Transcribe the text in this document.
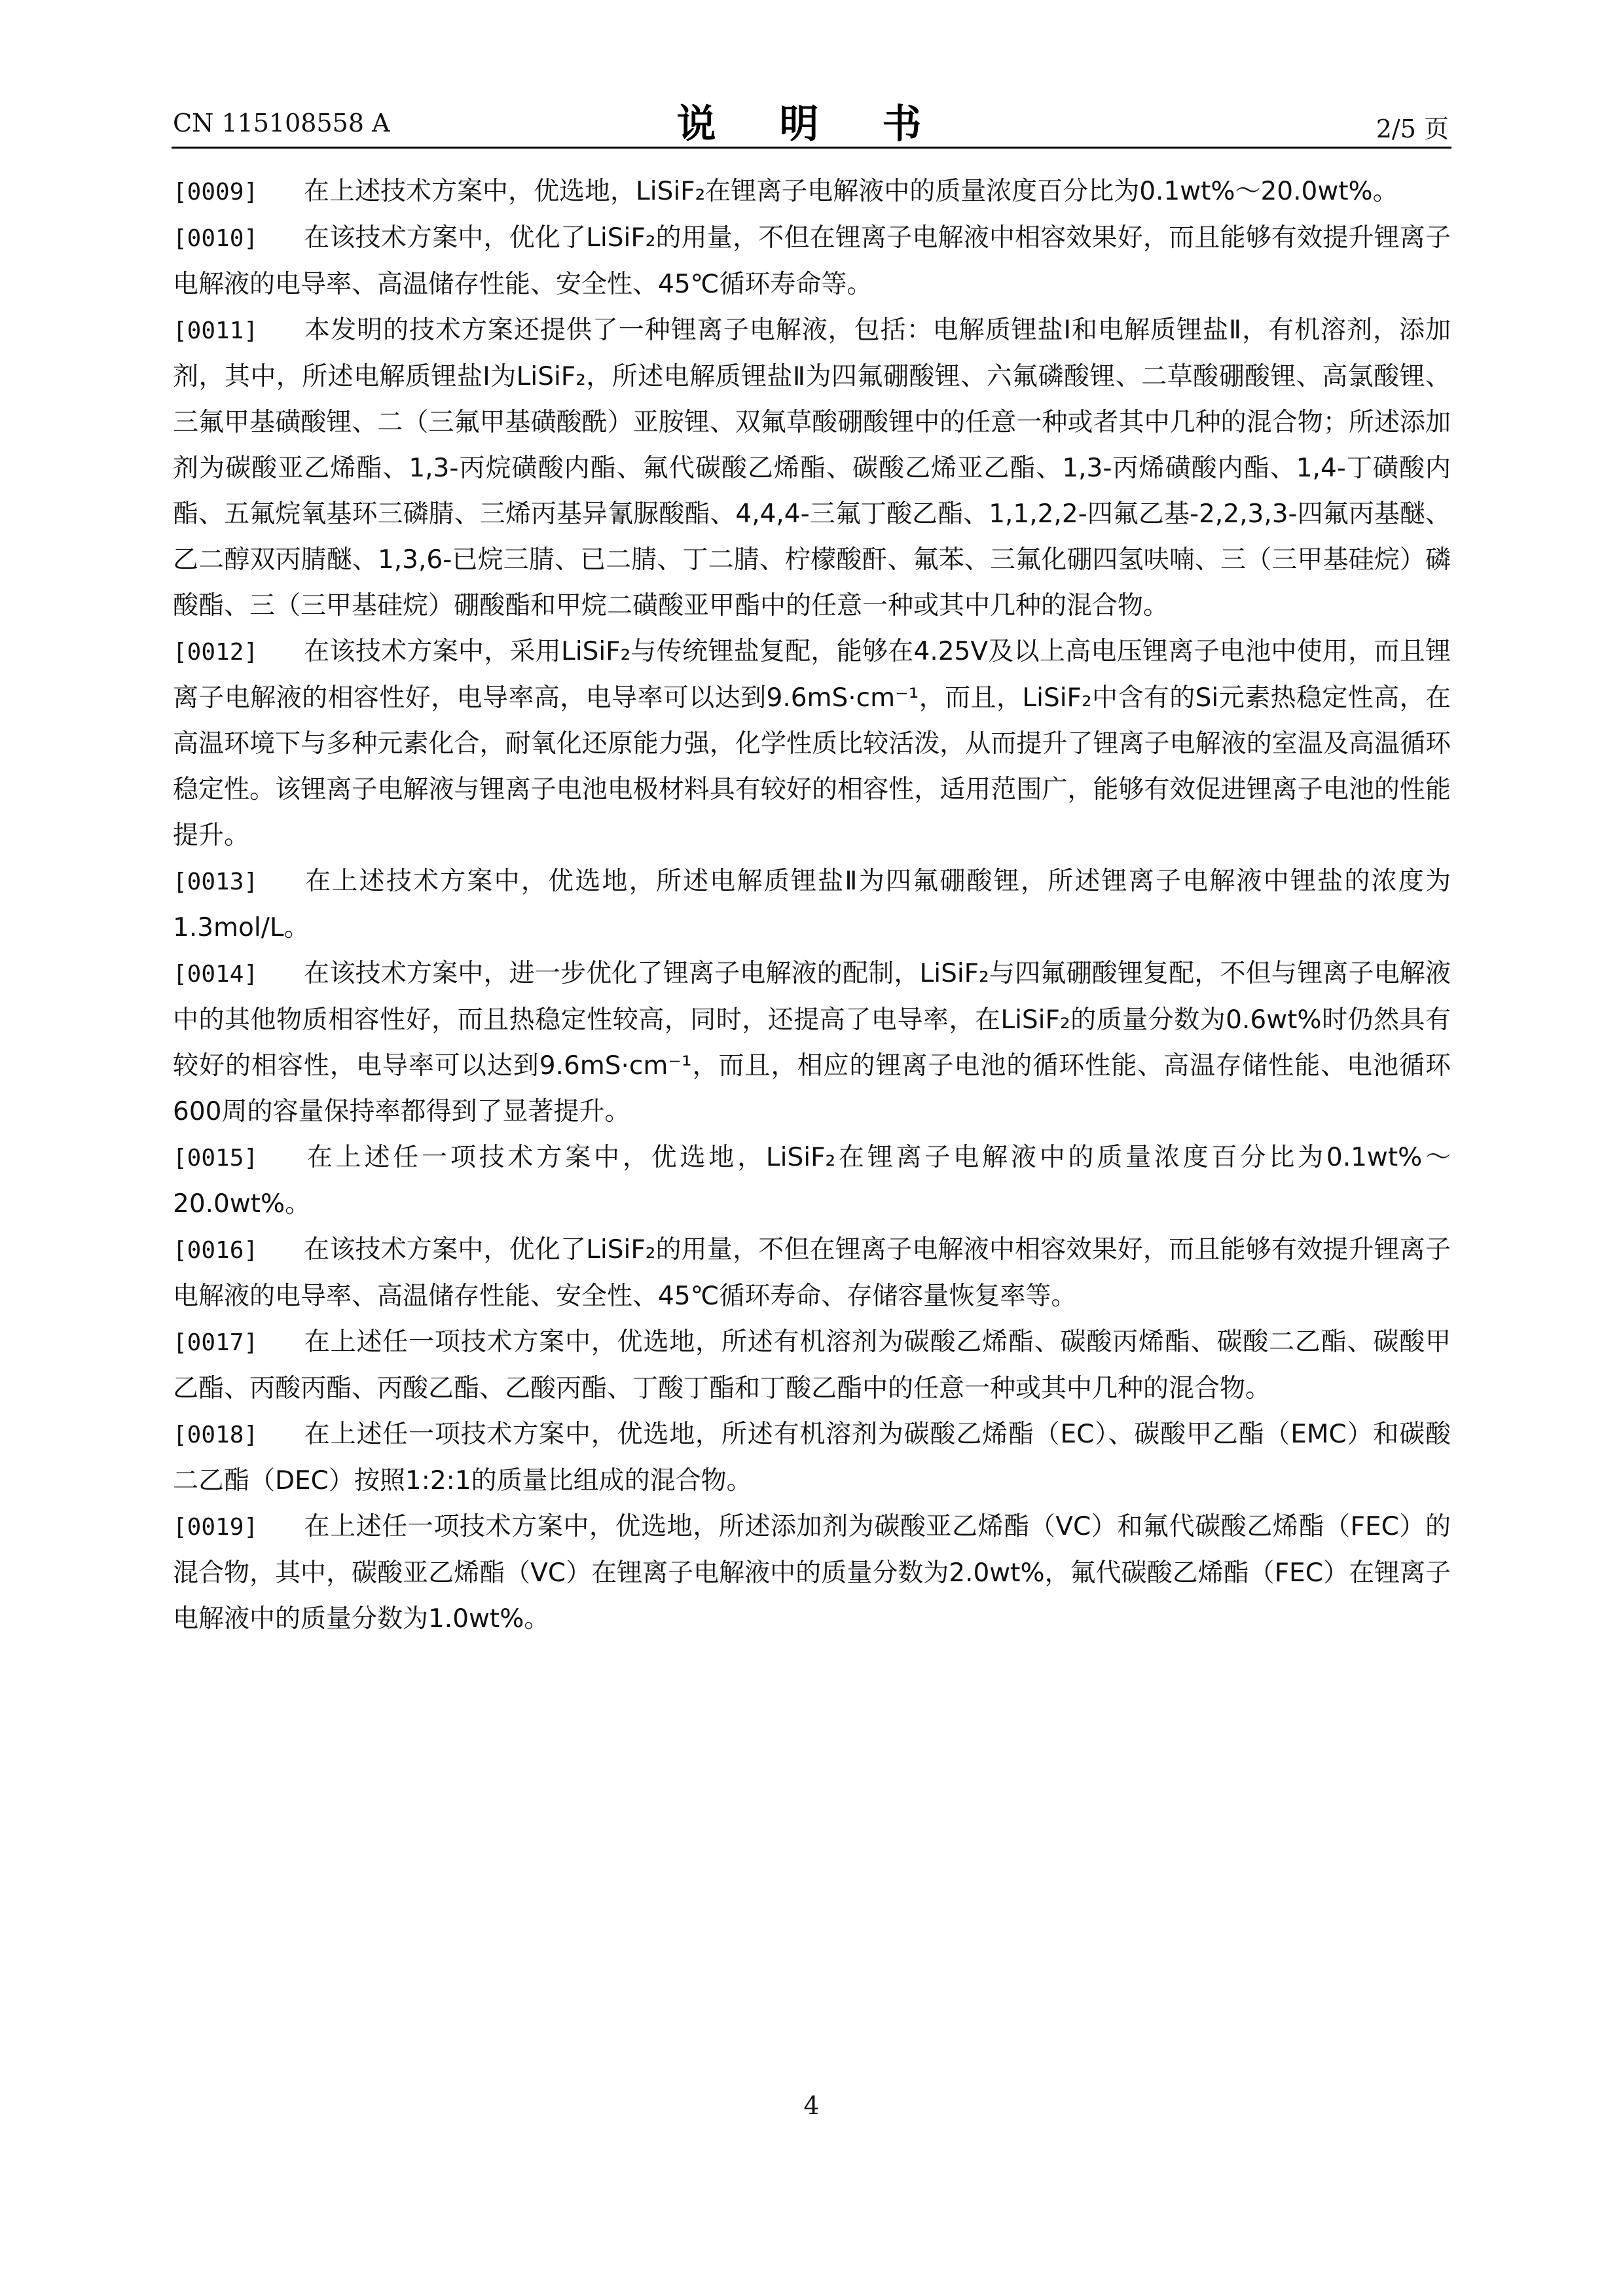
CN 115108558 A	说 明 书	2/5 页

[0009] 在上述技术方案中，优选地，LiSiF₂在锂离子电解液中的质量浓度百分比为0.1wt%～20.0wt%。

[0010] 在该技术方案中，优化了LiSiF₂的用量，不但在锂离子电解液中相容效果好，而且能够有效提升锂离子电解液的电导率、高温储存性能、安全性、45℃循环寿命等。

[0011] 本发明的技术方案还提供了一种锂离子电解液，包括：电解质锂盐I和电解质锂盐Ⅱ，有机溶剂，添加剂，其中，所述电解质锂盐I为LiSiF₂，所述电解质锂盐Ⅱ为四氟硼酸锂、六氟磷酸锂、二草酸硼酸锂、高氯酸锂、三氟甲基磺酸锂、二（三氟甲基磺酸酰）亚胺锂、双氟草酸硼酸锂中的任意一种或者其中几种的混合物；所述添加剂为碳酸亚乙烯酯、1,3-丙烷磺酸内酯、氟代碳酸乙烯酯、碳酸乙烯亚乙酯、1,3-丙烯磺酸内酯、1,4-丁磺酸内酯、五氟烷氧基环三磷腈、三烯丙基异氰脲酸酯、4,4,4-三氟丁酸乙酯、1,1,2,2-四氟乙基-2,2,3,3-四氟丙基醚、乙二醇双丙腈醚、1,3,6-已烷三腈、已二腈、丁二腈、柠檬酸酐、氟苯、三氟化硼四氢呋喃、三（三甲基硅烷）磷酸酯、三（三甲基硅烷）硼酸酯和甲烷二磺酸亚甲酯中的任意一种或其中几种的混合物。

[0012] 在该技术方案中，采用LiSiF₂与传统锂盐复配，能够在4.25V及以上高电压锂离子电池中使用，而且锂离子电解液的相容性好，电导率高，电导率可以达到9.6mS·cm⁻¹，而且，LiSiF₂中含有的Si元素热稳定性高，在高温环境下与多种元素化合，耐氧化还原能力强，化学性质比较活泼，从而提升了锂离子电解液的室温及高温循环稳定性。该锂离子电解液与锂离子电池电极材料具有较好的相容性，适用范围广，能够有效促进锂离子电池的性能提升。

[0013] 在上述技术方案中，优选地，所述电解质锂盐Ⅱ为四氟硼酸锂，所述锂离子电解液中锂盐的浓度为1.3mol/L。

[0014] 在该技术方案中，进一步优化了锂离子电解液的配制，LiSiF₂与四氟硼酸锂复配，不但与锂离子电解液中的其他物质相容性好，而且热稳定性较高，同时，还提高了电导率，在LiSiF₂的质量分数为0.6wt%时仍然具有较好的相容性，电导率可以达到9.6mS·cm⁻¹，而且，相应的锂离子电池的循环性能、高温存储性能、电池循环600周的容量保持率都得到了显著提升。

[0015] 在上述任一项技术方案中，优选地，LiSiF₂在锂离子电解液中的质量浓度百分比为0.1wt%～20.0wt%。

[0016] 在该技术方案中，优化了LiSiF₂的用量，不但在锂离子电解液中相容效果好，而且能够有效提升锂离子电解液的电导率、高温储存性能、安全性、45℃循环寿命、存储容量恢复率等。

[0017] 在上述任一项技术方案中，优选地，所述有机溶剂为碳酸乙烯酯、碳酸丙烯酯、碳酸二乙酯、碳酸甲乙酯、丙酸丙酯、丙酸乙酯、乙酸丙酯、丁酸丁酯和丁酸乙酯中的任意一种或其中几种的混合物。

[0018] 在上述任一项技术方案中，优选地，所述有机溶剂为碳酸乙烯酯（EC）、碳酸甲乙酯（EMC）和碳酸二乙酯（DEC）按照1:2:1的质量比组成的混合物。

[0019] 在上述任一项技术方案中，优选地，所述添加剂为碳酸亚乙烯酯（VC）和氟代碳酸乙烯酯（FEC）的混合物，其中，碳酸亚乙烯酯（VC）在锂离子电解液中的质量分数为2.0wt%，氟代碳酸乙烯酯（FEC）在锂离子电解液中的质量分数为1.0wt%。

4
